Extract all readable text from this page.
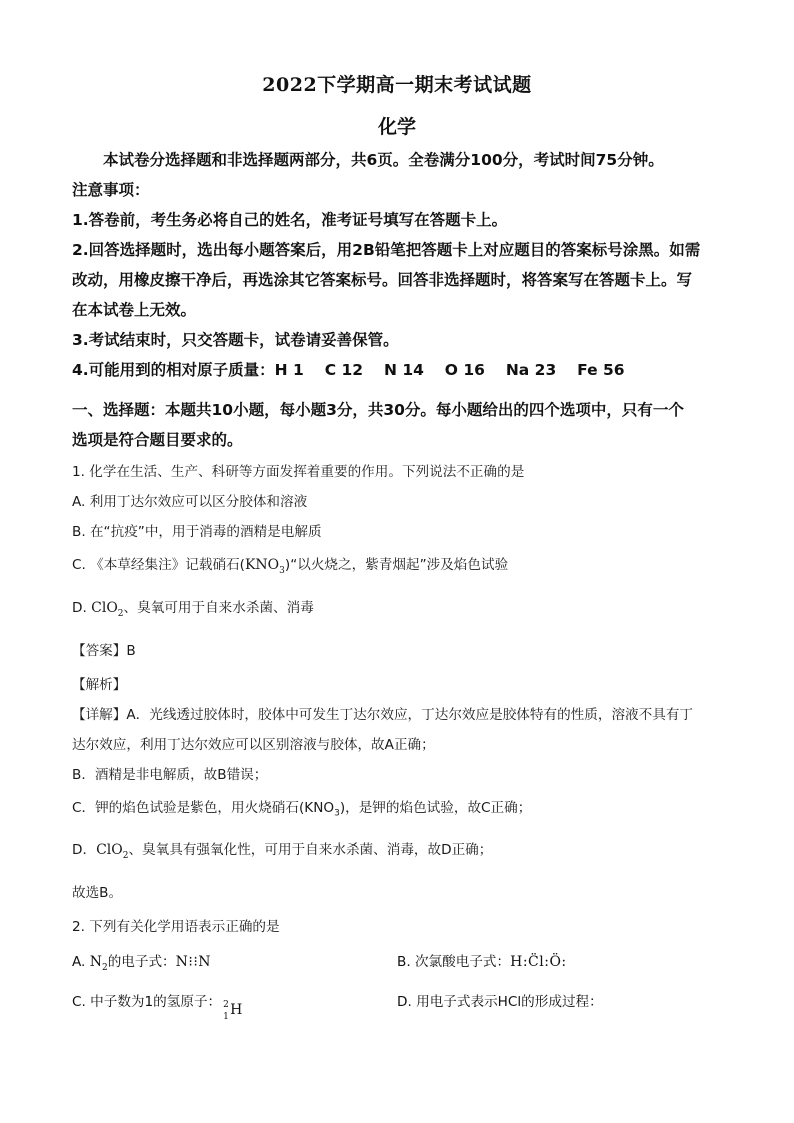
2022下学期高一期末考试试题
化学
本试卷分选择题和非选择题两部分，共6页。全卷满分100分，考试时间75分钟。
注意事项：
1.答卷前，考生务必将自己的姓名，准考证号填写在答题卡上。
2.回答选择题时，选出每小题答案后，用2B铅笔把答题卡上对应题目的答案标号涂黑。如需
改动，用橡皮擦干净后，再选涂其它答案标号。回答非选择题时，将答案写在答题卡上。写
在本试卷上无效。
3.考试结束时，只交答题卡，试卷请妥善保管。
4.可能用到的相对原子质量：H 1　 C 12　 N 14　 O 16　 Na 23　 Fe 56
一、选择题：本题共10小题，每小题3分，共30分。每小题给出的四个选项中，只有一个
选项是符合题目要求的。
1. 化学在生活、生产、科研等方面发挥着重要的作用。下列说法不正确的是
A. 利用丁达尔效应可以区分胶体和溶液
B. 在“抗疫”中，用于消毒的酒精是电解质
C. 《本草经集注》记载硝石$(KNO_3)“$以火烧之，紫青烟起”涉及焰色试验
D. ClO$_2$、臭氧可用于自来水杀菌、消毒
【答案】B
【解析】
【详解】A．光线透过胶体时，胶体中可发生丁达尔效应，丁达尔效应是胶体特有的性质，溶液不具有丁
达尔效应，利用丁达尔效应可以区别溶液与胶体，故A正确；
B．酒精是非电解质，故B错误；
C．钾的焰色试验是紫色，用火烧硝石$(KNO_3)$，是钾的焰色试验，故C正确；
D．ClO$_2$、臭氧具有强氧化性，可用于自来水杀菌、消毒，故D正确；
故选B。
2. 下列有关化学用语表示正确的是
A. $N_2$的电子式：N⁝⁝N	B. 次氯酸电子式：H:C̈l:Ö:
C. 中子数为1的氢原子： 2
1 H	D. 用电子式表示HCl的形成过程：
